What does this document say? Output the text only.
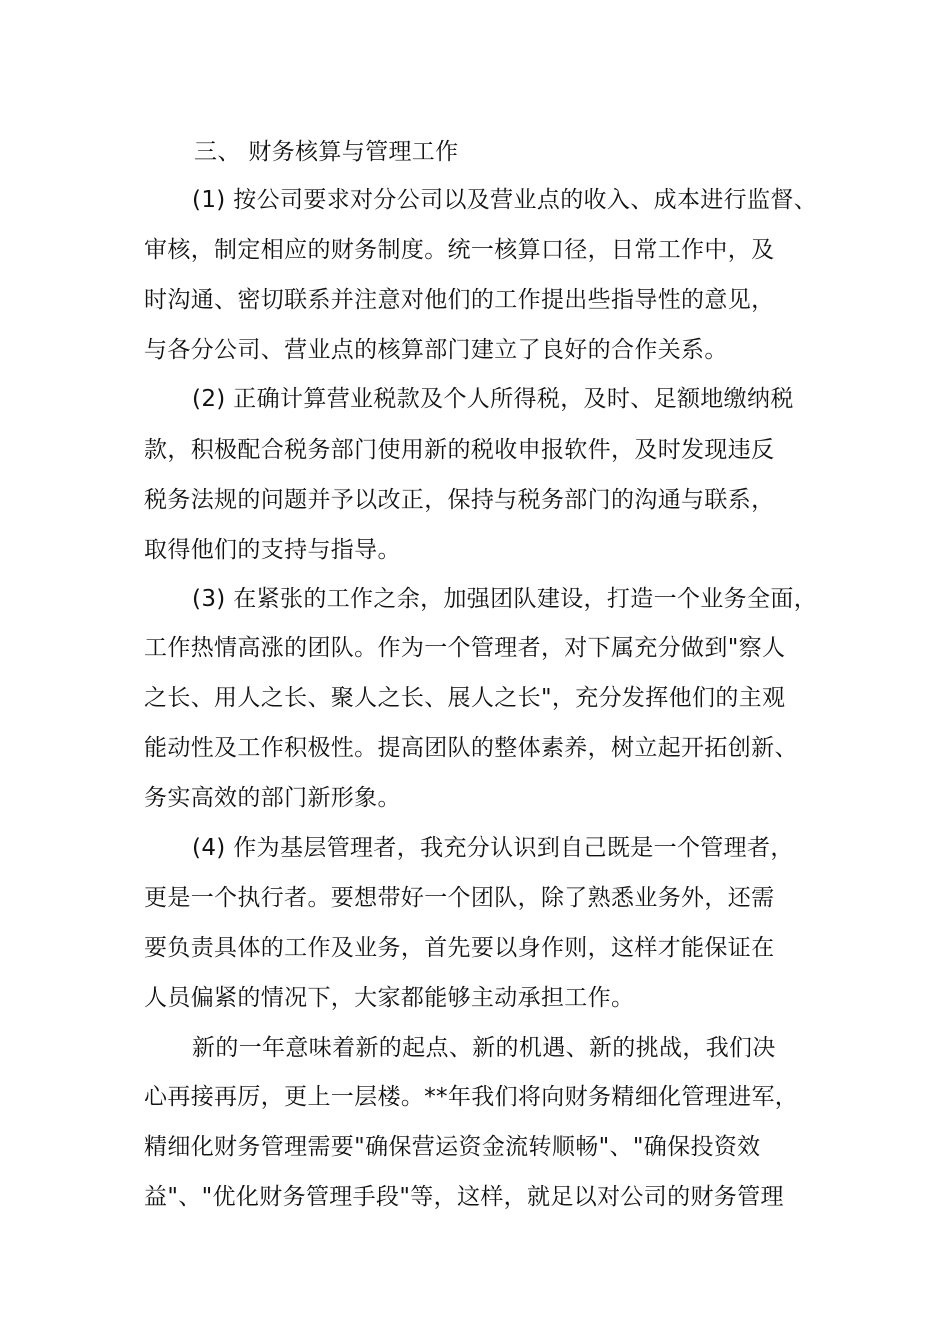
三、 财务核算与管理工作
(1) 按公司要求对分公司以及营业点的收入、成本进行监督、
审核，制定相应的财务制度。统一核算口径，日常工作中，及
时沟通、密切联系并注意对他们的工作提出些指导性的意见，
与各分公司、营业点的核算部门建立了良好的合作关系。
(2) 正确计算营业税款及个人所得税，及时、足额地缴纳税
款，积极配合税务部门使用新的税收申报软件，及时发现违反
税务法规的问题并予以改正，保持与税务部门的沟通与联系，
取得他们的支持与指导。
(3) 在紧张的工作之余，加强团队建设，打造一个业务全面，
工作热情高涨的团队。作为一个管理者，对下属充分做到"察人
之长、用人之长、聚人之长、展人之长"，充分发挥他们的主观
能动性及工作积极性。提高团队的整体素养，树立起开拓创新、
务实高效的部门新形象。
(4) 作为基层管理者，我充分认识到自己既是一个管理者，
更是一个执行者。要想带好一个团队，除了熟悉业务外，还需
要负责具体的工作及业务，首先要以身作则，这样才能保证在
人员偏紧的情况下，大家都能够主动承担工作。
新的一年意味着新的起点、新的机遇、新的挑战，我们决
心再接再厉，更上一层楼。**年我们将向财务精细化管理进军，
精细化财务管理需要"确保营运资金流转顺畅"、"确保投资效
益"、"优化财务管理手段"等，这样，就足以对公司的财务管理
